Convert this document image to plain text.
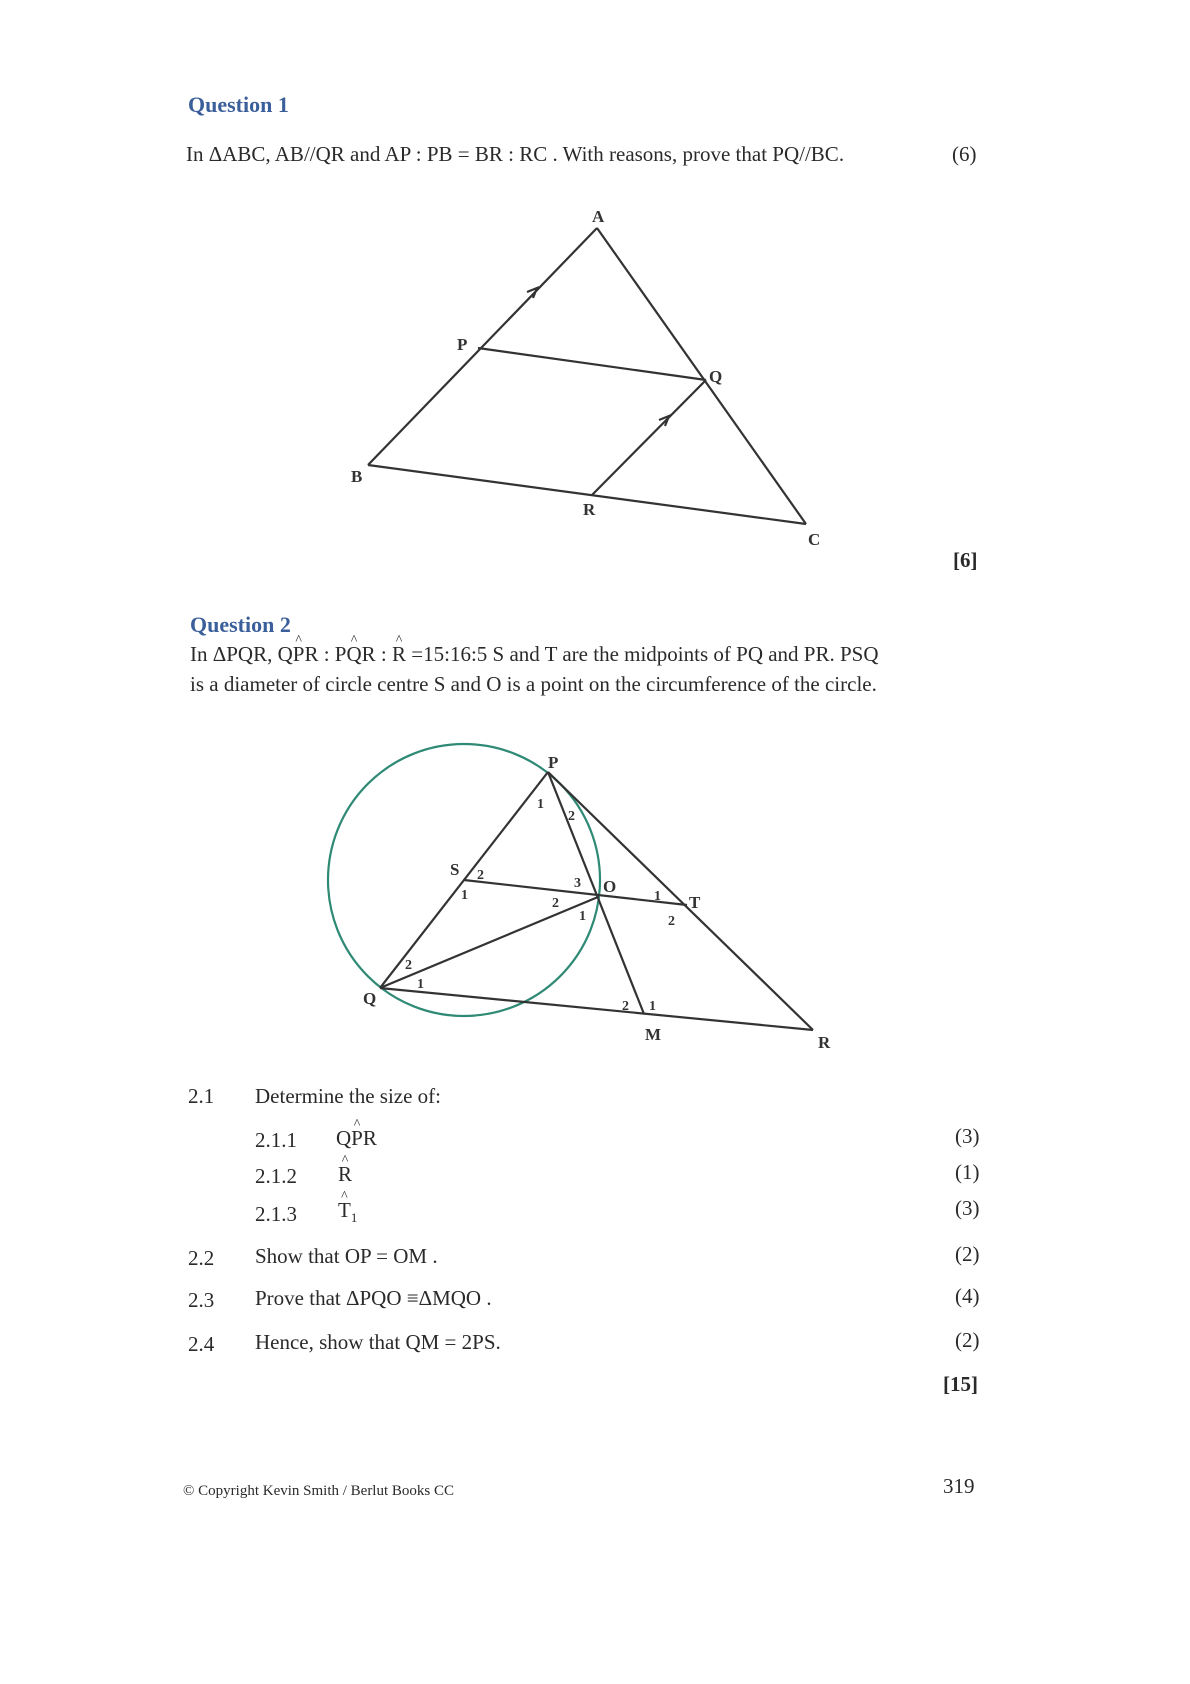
Question 1
In ΔABC, AB//QR and AP : PB = BR : RC . With reasons, prove that PQ//BC.	(6)
A
P
Q
B
R
C
[6]
Question 2
In ΔPQR, Q^ PR : P^ QR : ^ R =15:16:5 S and T are the midpoints of PQ and PR. PSQ
is a diameter of circle centre S and O is a point on the circumference of the circle.
P
S
O
T
Q
M	R
1
2
2
1
3
2
1
1
2
2
1
2 1
2.1 Determine the size of:
2.1.1 Q^ PR	(3)
2.1.2 ^ R	(1)
2.1.3 ^ $T_1$	(3)
2.2 Show that OP = OM .	(2)
2.3 Prove that ΔPQO ≡ΔMQO .	(4)
2.4 Hence, show that QM = 2PS.	(2)
[15]
© Copyright Kevin Smith / Berlut Books CC	319
